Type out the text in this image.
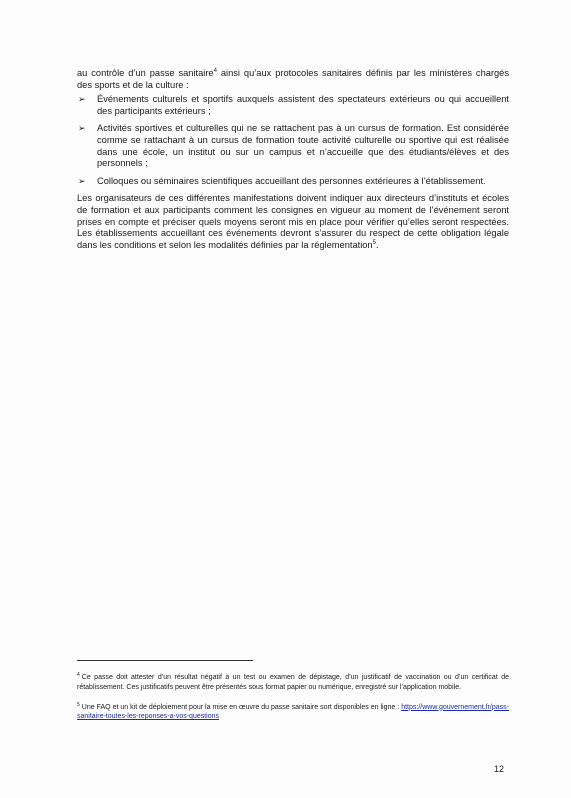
au contrôle d’un passe sanitaire$^4$ ainsi qu’aux protocoles sanitaires définis par les ministères chargés des sports et de la culture :

➢ Événements culturels et sportifs auxquels assistent des spectateurs extérieurs ou qui accueillent des participants extérieurs ;
➢ Activités sportives et culturelles qui ne se rattachent pas à un cursus de formation. Est considérée comme se rattachant à un cursus de formation toute activité culturelle ou sportive qui est réalisée dans une école, un institut ou sur un campus et n’accueille que des étudiants/élèves et des personnels ;
➢ Colloques ou séminaires scientifiques accueillant des personnes extérieures à l’établissement.

Les organisateurs de ces différentes manifestations doivent indiquer aux directeurs d’instituts et écoles de formation et aux participants comment les consignes en vigueur au moment de l’événement seront prises en compte et préciser quels moyens seront mis en place pour vérifier qu’elles seront respectées. Les établissements accueillant ces événements devront s’assurer du respect de cette obligation légale dans les conditions et selon les modalités définies par la réglementation$^5$.

$^4$ Ce passe doit attester d’un résultat négatif à un test ou examen de dépistage, d’un justificatif de vaccination ou d’un certificat de rétablissement. Ces justificatifs peuvent être présentés sous format papier ou numérique, enregistré sur l’application mobile.

$^5$ Une FAQ et un kit de déploiement pour la mise en œuvre du passe sanitaire sort disponibles en ligne : https://www.gouvernement.fr/pass-sanitaire-toutes-les-reponses-a-vos-questions

12
